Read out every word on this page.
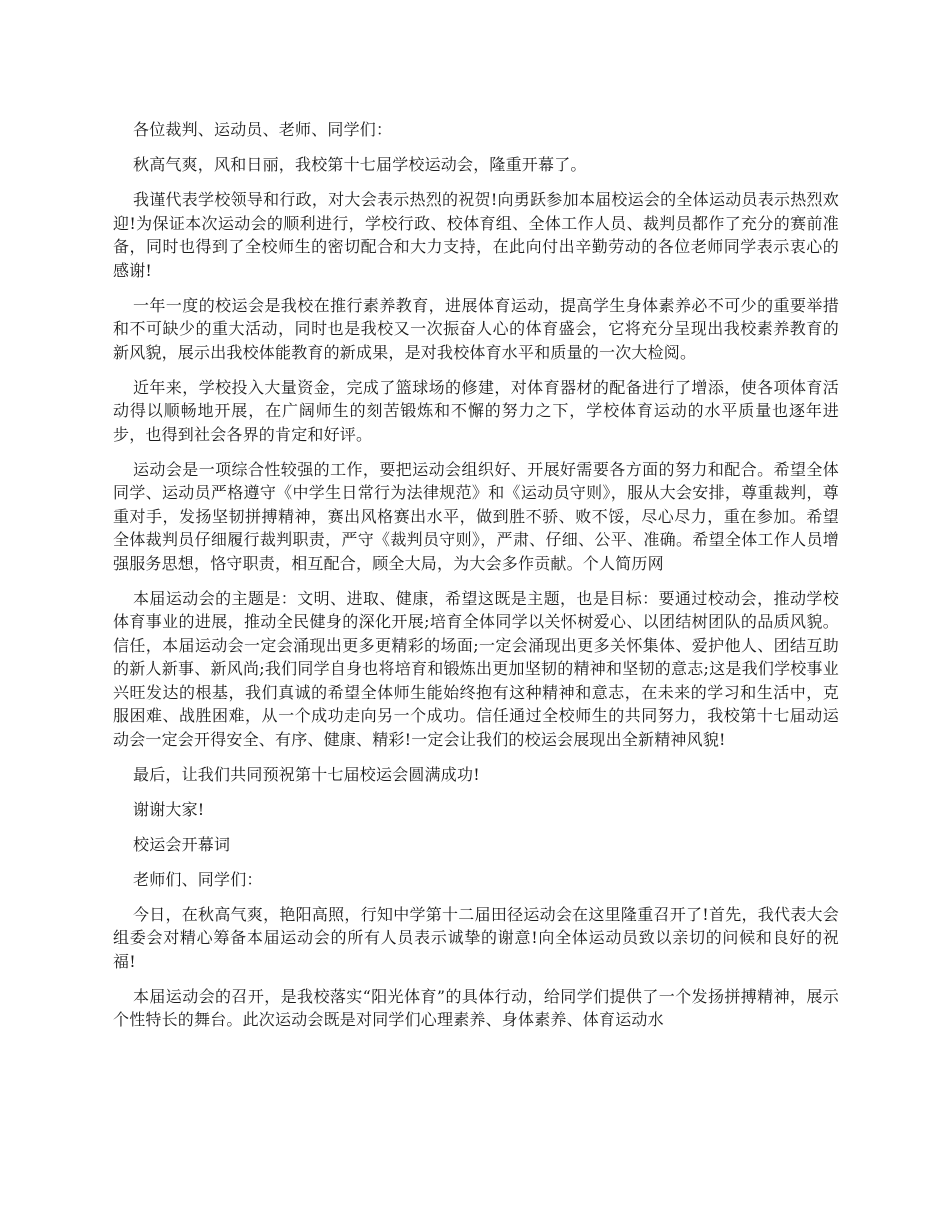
各位裁判、运动员、老师、同学们：

秋高气爽，风和日丽，我校第十七届学校运动会，隆重开幕了。

我谨代表学校领导和行政，对大会表示热烈的祝贺!向勇跃参加本届校运会的全体运动员表示热烈欢迎!为保证本次运动会的顺利进行，学校行政、校体育组、全体工作人员、裁判员都作了充分的赛前准备，同时也得到了全校师生的密切配合和大力支持，在此向付出辛勤劳动的各位老师同学表示衷心的感谢!

一年一度的校运会是我校在推行素养教育，进展体育运动，提高学生身体素养必不可少的重要举措和不可缺少的重大活动，同时也是我校又一次振奋人心的体育盛会，它将充分呈现出我校素养教育的新风貌，展示出我校体能教育的新成果，是对我校体育水平和质量的一次大检阅。

近年来，学校投入大量资金，完成了篮球场的修建，对体育器材的配备进行了增添，使各项体育活动得以顺畅地开展，在广阔师生的刻苦锻炼和不懈的努力之下，学校体育运动的水平质量也逐年进步，也得到社会各界的肯定和好评。

运动会是一项综合性较强的工作，要把运动会组织好、开展好需要各方面的努力和配合。希望全体同学、运动员严格遵守《中学生日常行为法律规范》和《运动员守则》，服从大会安排，尊重裁判，尊重对手，发扬坚韧拼搏精神，赛出风格赛出水平，做到胜不骄、败不馁，尽心尽力，重在参加。希望全体裁判员仔细履行裁判职责，严守《裁判员守则》，严肃、仔细、公平、准确。希望全体工作人员增强服务思想，恪守职责，相互配合，顾全大局，为大会多作贡献。个人简历网

本届运动会的主题是：文明、进取、健康，希望这既是主题，也是目标：要通过校动会，推动学校体育事业的进展，推动全民健身的深化开展;培育全体同学以关怀树爱心、以团结树团队的品质风貌。信任，本届运动会一定会涌现出更多更精彩的场面;一定会涌现出更多关怀集体、爱护他人、团结互助的新人新事、新风尚;我们同学自身也将培育和锻炼出更加坚韧的精神和坚韧的意志;这是我们学校事业兴旺发达的根基，我们真诚的希望全体师生能始终抱有这种精神和意志，在未来的学习和生活中，克服困难、战胜困难，从一个成功走向另一个成功。信任通过全校师生的共同努力，我校第十七届动运动会一定会开得安全、有序、健康、精彩!一定会让我们的校运会展现出全新精神风貌!

最后，让我们共同预祝第十七届校运会圆满成功!

谢谢大家!

校运会开幕词

老师们、同学们：

今日，在秋高气爽，艳阳高照，行知中学第十二届田径运动会在这里隆重召开了!首先，我代表大会组委会对精心筹备本届运动会的所有人员表示诚挚的谢意!向全体运动员致以亲切的问候和良好的祝福!

本届运动会的召开，是我校落实“阳光体育”的具体行动，给同学们提供了一个发扬拼搏精神，展示个性特长的舞台。此次运动会既是对同学们心理素养、身体素养、体育运动水
